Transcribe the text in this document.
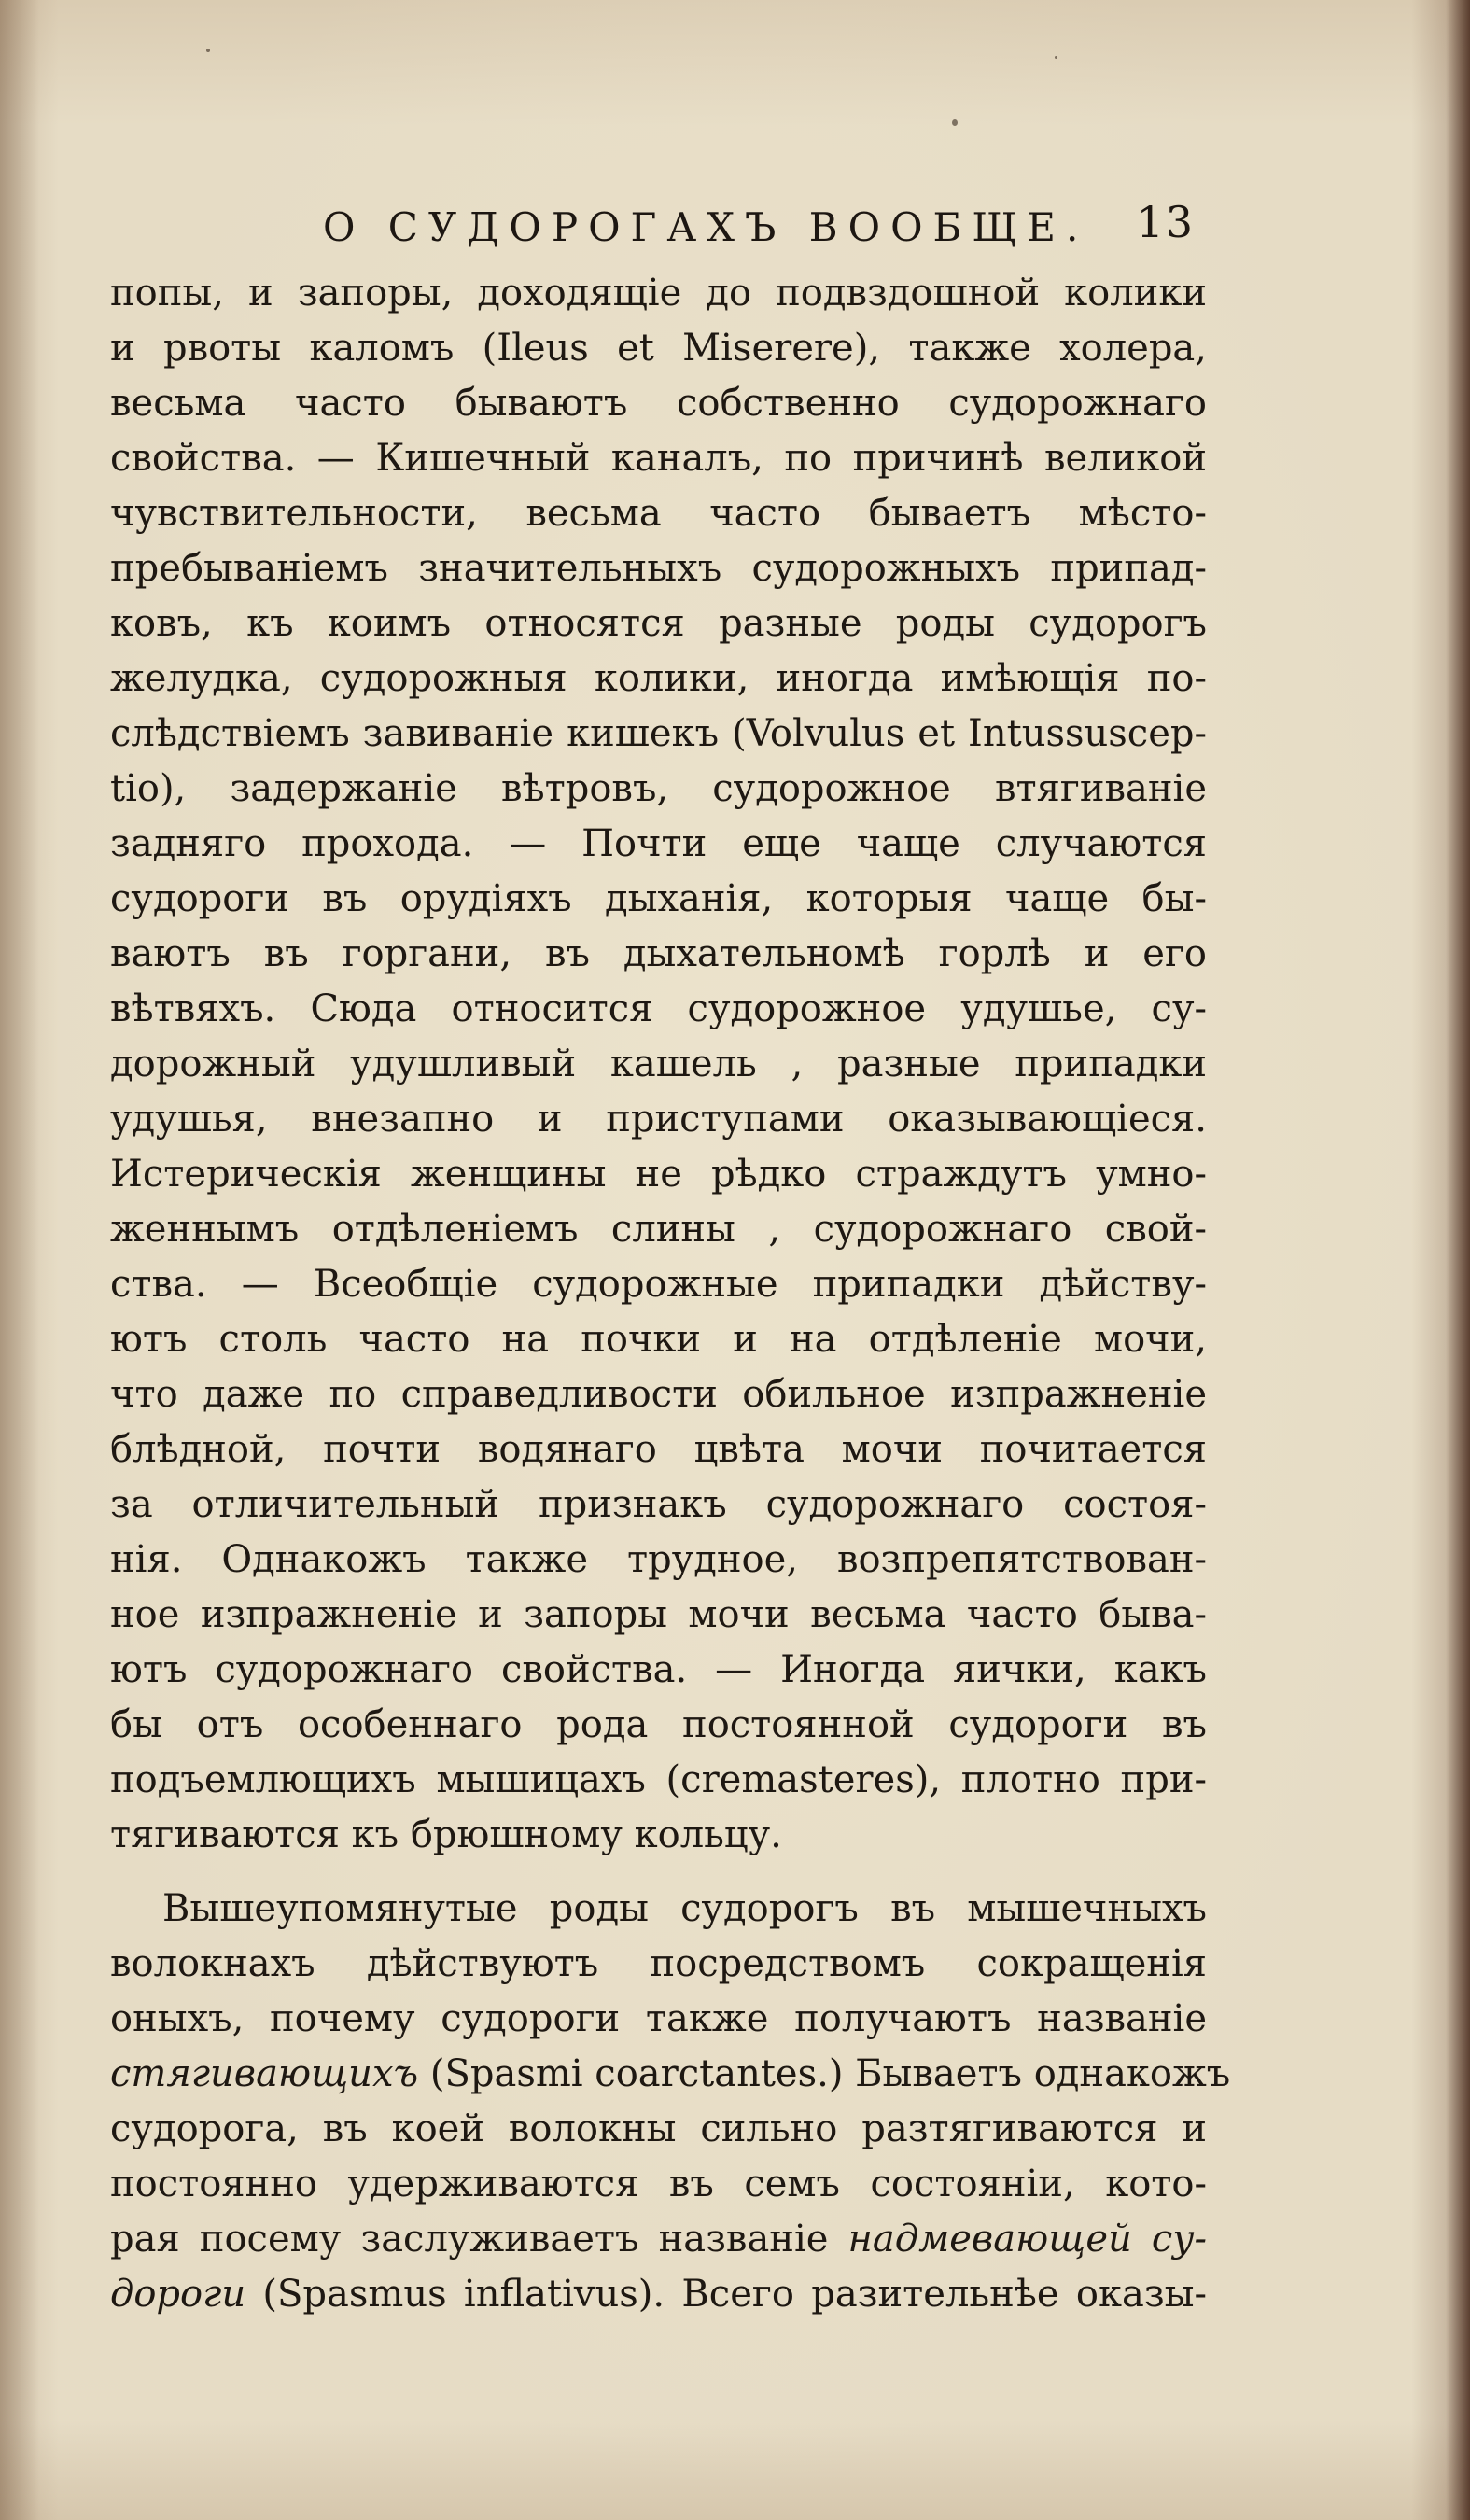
О СУДОРОГАХЪ ВООБЩЕ. 13
попы, и запоры, доходящіе до подвздошной колики
и рвоты каломъ (Ileus et Miserere), также холера,
весьма часто бываютъ собственно судорожнаго
свойства. — Кишечный каналъ, по причинѣ великой
чувствительности, весьма часто бываетъ мѣсто-
пребываніемъ значительныхъ судорожныхъ припад-
ковъ, къ коимъ относятся разные роды судорогъ
желудка, судорожныя колики, иногда имѣющія по-
слѣдствіемъ завиваніе кишекъ (Volvulus et Intussuscep-
tio), задержаніе вѣтровъ, судорожное втягиваніе
задняго прохода. — Почти еще чаще случаются
судороги въ орудіяхъ дыханія, которыя чаще бы-
ваютъ въ горгани, въ дыхательномѣ горлѣ и его
вѣтвяхъ. Сюда относится судорожное удушье, су-
дорожный удушливый кашель , разные припадки
удушья, внезапно и приступами оказывающіеся.
Истерическія женщины не рѣдко страждутъ умно-
женнымъ отдѣленіемъ слины , судорожнаго свой-
ства. — Всеобщіе судорожные припадки дѣйству-
ютъ столь часто на почки и на отдѣленіе мочи,
что даже по справедливости обильное изпражненіе
блѣдной, почти водянаго цвѣта мочи почитается
за отличительный признакъ судорожнаго состоя-
нія. Однакожъ также трудное, возпрепятствован-
ное изпражненіе и запоры мочи весьма часто быва-
ютъ судорожнаго свойства. — Иногда яички, какъ
бы отъ особеннаго рода постоянной судороги въ
подъемлющихъ мышицахъ (cremasteres), плотно при-
тягиваются къ брюшному кольцу.
Вышеупомянутые роды судорогъ въ мышечныхъ
волокнахъ дѣйствуютъ посредствомъ сокращенія
оныхъ, почему судороги также получаютъ названіе
стягивающихъ (Spasmi coarctantes.) Бываетъ однакожъ
судорога, въ коей волокны сильно разтягиваются и
постоянно удерживаются въ семъ состояніи, кото-
рая посему заслуживаетъ названіе надмевающей су-
дороги (Spasmus inflativus). Всего разительнѣе оказы-
